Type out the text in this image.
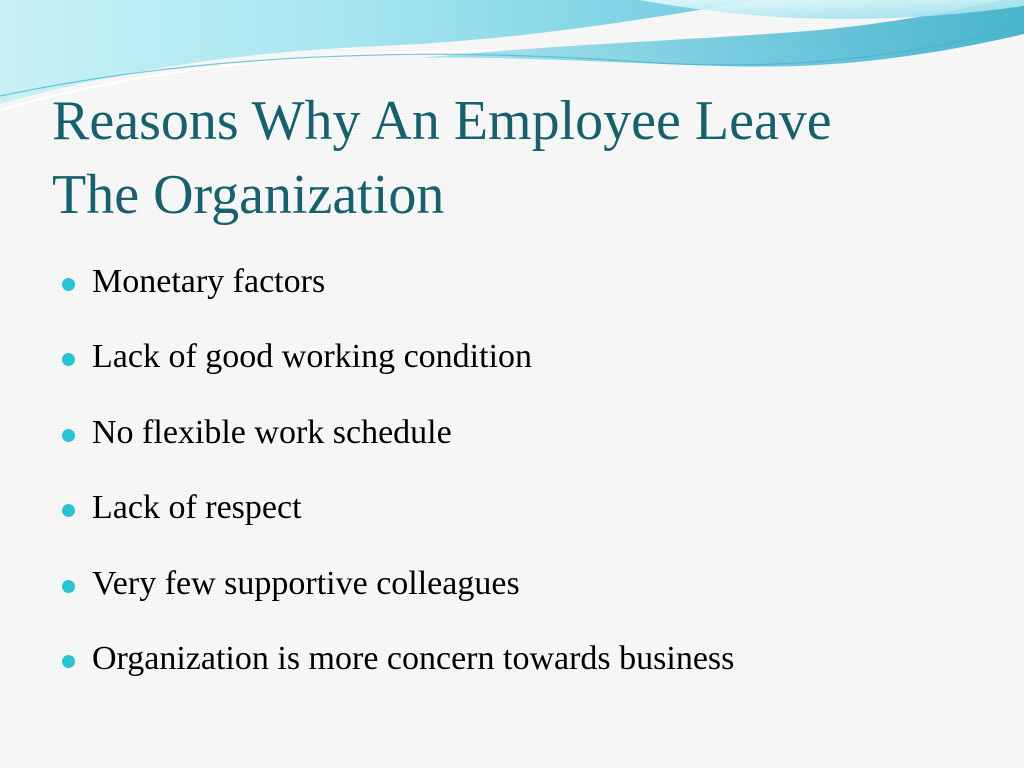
Reasons Why An Employee Leave
The Organization
Monetary factors
Lack of good working condition
No flexible work schedule
Lack of respect
Very few supportive colleagues
Organization is more concern towards business
